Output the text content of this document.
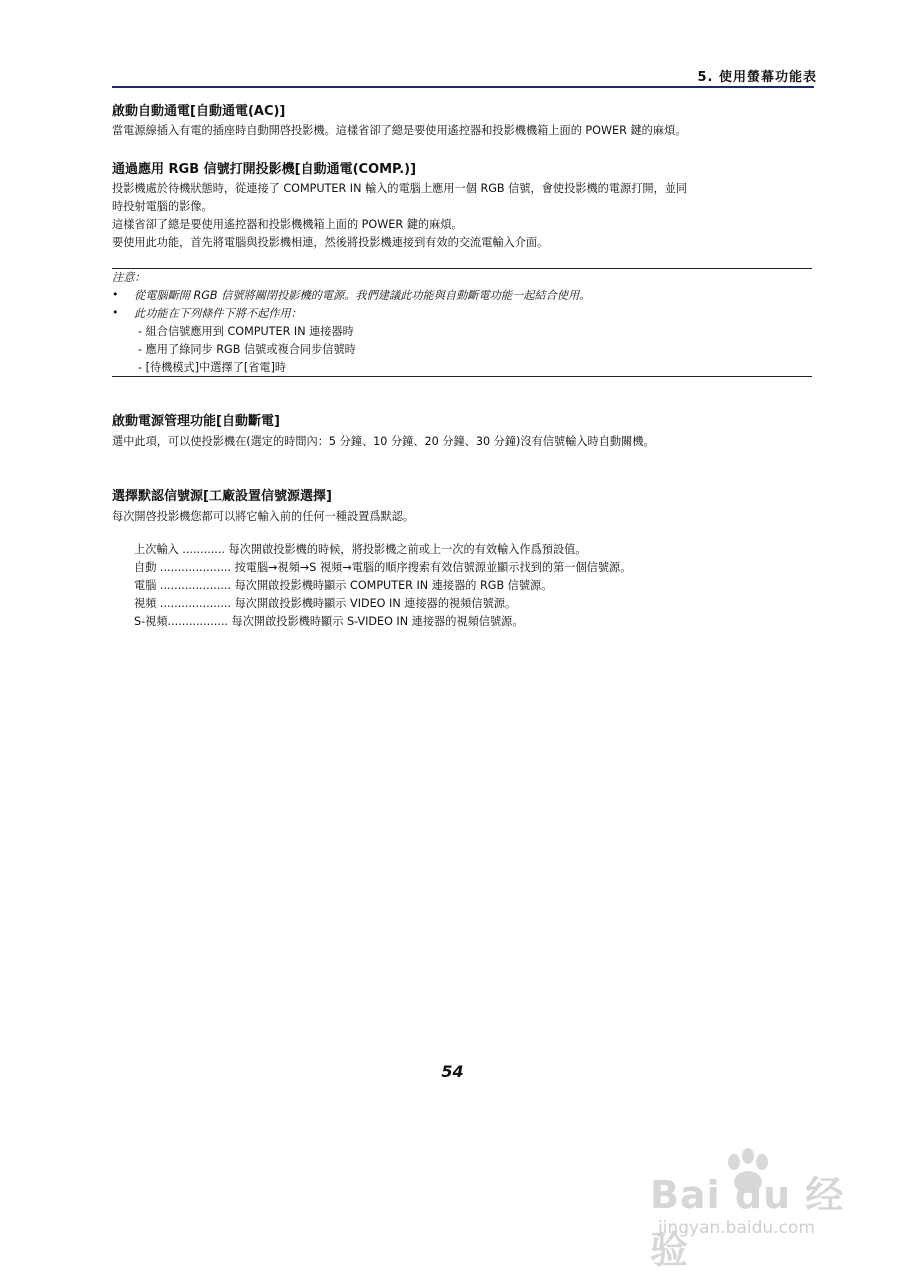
5. 使用螢幕功能表
啟動自動通電[自動通電(AC)]
當電源線插入有電的插座時自動開啓投影機。這樣省卻了總是要使用遙控器和投影機機箱上面的 POWER 鍵的麻煩。
通過應用 RGB 信號打開投影機[自動通電(COMP.)]
投影機處於待機狀態時，從連接了 COMPUTER IN 輸入的電腦上應用一個 RGB 信號，會使投影機的電源打開，並同
時投射電腦的影像。
這樣省卻了總是要使用遙控器和投影機機箱上面的 POWER 鍵的麻煩。
要使用此功能，首先將電腦與投影機相連，然後將投影機連接到有效的交流電輸入介面。
注意：
• 從電腦斷開 RGB 信號將關閉投影機的電源。我們建議此功能與自動斷電功能一起結合使用。
• 此功能在下列條件下將不起作用：
- 組合信號應用到 COMPUTER IN 連接器時
- 應用了綠同步 RGB 信號或複合同步信號時
- [待機模式]中選擇了[省電]時
啟動電源管理功能[自動斷電]
選中此項，可以使投影機在(選定的時間內：5 分鐘、10 分鐘、20 分鐘、30 分鐘)沒有信號輸入時自動關機。
選擇默認信號源[工廠設置信號源選擇]
每次開啓投影機您都可以將它輸入前的任何一種設置爲默認。
上次輸入 ............ 每次開啟投影機的時候，將投影機之前或上一次的有效輸入作爲預設值。
自動 .................... 按電腦→視頻→S 視頻→電腦的順序搜索有效信號源並顯示找到的第一個信號源。
電腦 .................... 每次開啟投影機時顯示 COMPUTER IN 連接器的 RGB 信號源。
視頻 .................... 每次開啟投影機時顯示 VIDEO IN 連接器的視頻信號源。
S-視頻................. 每次開啟投影機時顯示 S-VIDEO IN 連接器的視頻信號源。
54
Bai du 经验
jingyan.baidu.com
